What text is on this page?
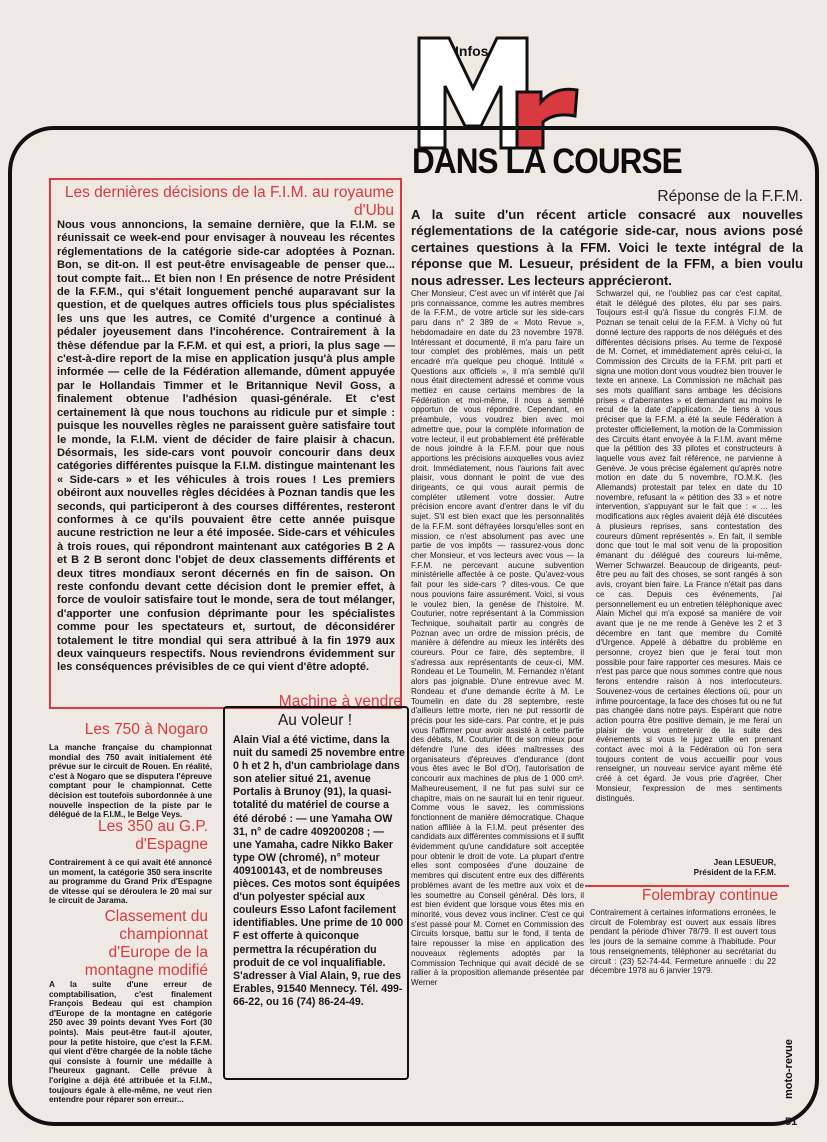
Infos
DANS LA COURSE
Réponse de la F.F.M.
A la suite d'un récent article consacré aux nouvelles réglementations de la catégorie side-car, nous avions posé certaines questions à la FFM. Voici le texte intégral de la réponse que M. Lesueur, président de la FFM, a bien voulu nous adresser. Les lecteurs apprécieront.
Les dernières décisions de la F.I.M. au royaume d'Ubu
Nous vous annoncions, la semaine dernière, que la F.I.M. se réunissait ce week-end pour envisager à nouveau les récentes réglementations de la catégorie side-car adoptées à Poznan. Bon, se dit-on. Il est peut-être envisageable de penser que... tout compte fait... Et bien non ! En présence de notre Président de la F.F.M., qui s'était longuement penché auparavant sur la question, et de quelques autres officiels tous plus spécialistes les uns que les autres, ce Comité d'urgence a continué à pédaler joyeusement dans l'incohérence. Contrairement à la thèse défendue par la F.F.M. et qui est, a priori, la plus sage — c'est-à-dire report de la mise en application jusqu'à plus ample informée — celle de la Fédération allemande, dûment appuyée par le Hollandais Timmer et le Britannique Nevil Goss, a finalement obtenue l'adhésion quasi-générale. Et c'est certainement là que nous touchons au ridicule pur et simple : puisque les nouvelles règles ne paraissent guère satisfaire tout le monde, la F.I.M. vient de décider de faire plaisir à chacun. Désormais, les side-cars vont pouvoir concourir dans deux catégories différentes puisque la F.I.M. distingue maintenant les « Side-cars » et les véhicules à trois roues ! Les premiers obéiront aux nouvelles règles décidées à Poznan tandis que les seconds, qui participeront à des courses différentes, resteront conformes à ce qu'ils pouvaient être cette année puisque aucune restriction ne leur a été imposée. Side-cars et véhicules à trois roues, qui répondront maintenant aux catégories B 2 A et B 2 B seront donc l'objet de deux classements différents et deux titres mondiaux seront décernés en fin de saison. On reste confondu devant cette décision dont le premier effet, à force de vouloir satisfaire tout le monde, sera de tout mélanger, d'apporter une confusion déprimante pour les spécialistes comme pour les spectateurs et, surtout, de déconsidérer totalement le titre mondial qui sera attribué à la fin 1979 aux deux vainqueurs respectifs. Nous reviendrons évidemment sur les conséquences prévisibles de ce qui vient d'être adopté.
Les 750 à Nogaro
La manche française du championnat mondial des 750 avait initialement été prévue sur le circuit de Rouen. En réalité, c'est à Nogaro que se disputera l'épreuve comptant pour le championnat. Cette décision est toutefois subordonnée à une nouvelle inspection de la piste par le délégué de la F.I.M., le Belge Veys.
Les 350 au G.P. d'Espagne
Contrairement à ce qui avait été annoncé un moment, la catégorie 350 sera inscrite au programme du Grand Prix d'Espagne de vitesse qui se déroulera le 20 mai sur le circuit de Jarama.
Classement du championnat d'Europe de la montagne modifié
A la suite d'une erreur de comptabilisation, c'est finalement François Bedeau qui est champion d'Europe de la montagne en catégorie 250 avec 39 points devant Yves Fort (30 points). Mais peut-être faut-il ajouter, pour la petite histoire, que c'est la F.F.M. qui vient d'être chargée de la noble tâche qui consiste à fournir une médaille à l'heureux gagnant. Celle prévue à l'origine a déjà été attribuée et la F.I.M., toujours égale à elle-même, ne veut rien entendre pour réparer son erreur...
Machine à vendre
Au voleur !
Alain Vial a été victime, dans la nuit du samedi 25 novembre entre 0 h et 2 h, d'un cambriolage dans son atelier situé 21, avenue Portalis à Brunoy (91), la quasi-totalité du matériel de course a été dérobé : — une Yamaha OW 31, n° de cadre 409200208 ; — une Yamaha, cadre Nikko Baker type OW (chromé), n° moteur 409100143, et de nombreuses pièces. Ces motos sont équipées d'un polyester spécial aux couleurs Esso Lafont facilement identifiables. Une prime de 10 000 F est offerte à quiconque permettra la récupération du produit de ce vol inqualifiable. S'adresser à Vial Alain, 9, rue des Erables, 91540 Mennecy. Tél. 499-66-22, ou 16 (74) 86-24-49.
Cher Monsieur, C'est avec un vif intérêt que j'ai pris connaissance, comme les autres membres de la F.F.M., de votre article sur les side-cars paru dans n° 2 389 de « Moto Revue », hebdomadaire en date du 23 novembre 1978. Intéressant et documenté, il m'a paru faire un tour complet des problèmes, mais un petit encadré m'a quelque peu choqué. Intitulé « Questions aux officiels », il m'a semblé qu'il nous était directement adressé et comme vous mettiez en cause certains membres de la Fédération et moi-même, il nous a semblé opportun de vous répondre. Cependant, en préambule, vous voudrez bien avec moi admettre que, pour la complète information de votre lecteur, il eut probablement été préférable de nous joindre à la F.F.M. pour que nous apportions les précisions auxquelles vous aviez droit. Immédiatement, nous l'aurions fait avec plaisir, vous donnant le point de vue des dirigeants, ce qui vous aurait permis de compléter utilement votre dossier. Autre précision encore avant d'entrer dans le vif du sujet. S'il est bien exact que les personnalités de la F.F.M. sont défrayées lorsqu'elles sont en mission, ce n'est absolument pas avec une partie de vos impôts — rassurez-vous donc cher Monsieur, et vos lecteurs avec vous — la F.F.M. ne percevant aucune subvention ministérielle affectée à ce poste. Qu'avez-vous fait pour les side-cars ? dites-vous. Ce que nous pouvions faire assurément. Voici, si vous le voulez bien, la genèse de l'histoire. M. Couturier, notre représentant à la Commission Technique, souhaitait partir au congrès de Poznan avec un ordre de mission précis, de manière à défendre au mieux les intérêts des coureurs. Pour ce faire, dès septembre, il s'adressa aux représentants de ceux-ci, MM. Rondeau et Le Toumelin, M. Fernandez n'étant alors pas joignable. D'une entrevue avec M. Rondeau et d'une demande écrite à M. Le Toumelin en date du 28 septembre, reste d'ailleurs lettre morte, rien ne put ressortir de précis pour les side-cars. Par contre, et je puis vous l'affirmer pour avoir assisté à cette partie des débats, M. Couturier fit de son mieux pour défendre l'une des idées maîtresses des organisateurs d'épreuves d'endurance (dont vous êtes avec le Bol d'Or), l'autorisation de concourir aux machines de plus de 1 000 cm³. Malheureusement, il ne fut pas suivi sur ce chapitre, mais on ne saurait lui en tenir rigueur. Comme vous le savez, les commissions fonctionnent de manière démocratique. Chaque nation affiliée à la F.I.M. peut présenter des candidats aux différentes commissions et il suffit évidemment qu'une candidature soit acceptée pour obtenir le droit de vote. La plupart d'entre elles sont composées d'une douzaine de membres qui discutent entre eux des différents problèmes avant de les mettre aux voix et de les soumettre au Conseil général. Dès lors, il est bien évident que lorsque vous êtes mis en minorité, vous devez vous incliner. C'est ce qui s'est passé pour M. Cornet en Commission des Circuits lorsque, battu sur le fond, il tenta de faire repousser la mise en application des nouveaux règlements adoptés par la Commission Technique qui avait décidé de se rallier à la proposition allemande présentée par Werner
Schwarzel qui, ne l'oubliez pas car c'est capital, était le délégué des pilotes, élu par ses pairs. Toujours est-il qu'à l'issue du congrès F.I.M. de Poznan se tenait celui de la F.F.M. à Vichy où fut donné lecture des rapports de nos délégués et des différentes décisions prises. Au terme de l'exposé de M. Cornet, et immédiatement après celui-ci, la Commission des Circuits de la F.F.M. prit parti et signa une motion dont vous voudrez bien trouver le texte en annexe. La Commission ne mâchait pas ses mots qualifiant sans ambage les décisions prises « d'aberrantes » et demandant au moins le recul de la date d'application. Je tiens à vous préciser que la F.F.M. a été la seule Fédération à protester officiellement, la motion de la Commission des Circuits étant envoyée à la F.I.M. avant même que la pétition des 33 pilotes et constructeurs à laquelle vous avez fait référence, ne parvienne à Genève. Je vous précise également qu'après notre motion en date du 5 novembre, l'O.M.K. (les Allemands) protestait par telex en date du 10 novembre, refusant la « pétition des 33 » et notre intervention, s'appuyant sur le fait que : « ... les modifications aux règles avaient déjà été discutées à plusieurs reprises, sans contestation des coureurs dûment représentés ». En fait, il semble donc que tout le mal soit venu de la proposition émanant du délégué des coureurs lui-même, Werner Schwarzel. Beaucoup de dirigeants, peut-être peu au fait des choses, se sont rangés à son avis, croyant bien faire. La France n'était pas dans ce cas. Depuis ces événements, j'ai personnellement eu un entretien téléphonique avec Alain Michel qui m'a exposé sa manière de voir avant que je ne me rende à Genève les 2 et 3 décembre en tant que membre du Comité d'Urgence. Appelé à débattre du problème en personne, croyez bien que je ferai tout mon possible pour faire rapporter ces mesures. Mais ce n'est pas parce que nous sommes contre que nous ferons entendre raison à nos interlocuteurs. Souvenez-vous de certaines élections où, pour un infime pourcentage, la face des choses fut ou ne fut pas changée dans notre pays. Espérant que notre action pourra être positive demain, je me ferai un plaisir de vous entretenir de la suite des événements si vous le jugez utile en prenant contact avec moi à la Fédération où l'on sera toujours content de vous accueillir pour vous renseigner, un nouveau service ayant même été créé à cet égard. Je vous prie d'agréer, Cher Monsieur, l'expression de mes sentiments distingués.
Jean LESUEUR,
Président de la F.F.M.
Folembray continue
Contrairement à certaines informations erronées, le circuit de Folembray est ouvert aux essais libres pendant la période d'hiver 78/79. Il est ouvert tous les jours de la semaine comme à l'habitude. Pour tous renseignements, téléphoner au secrétariat du circuit : (23) 52-74-44. Fermeture annuelle : du 22 décembre 1978 au 6 janvier 1979.
moto-revue
51
